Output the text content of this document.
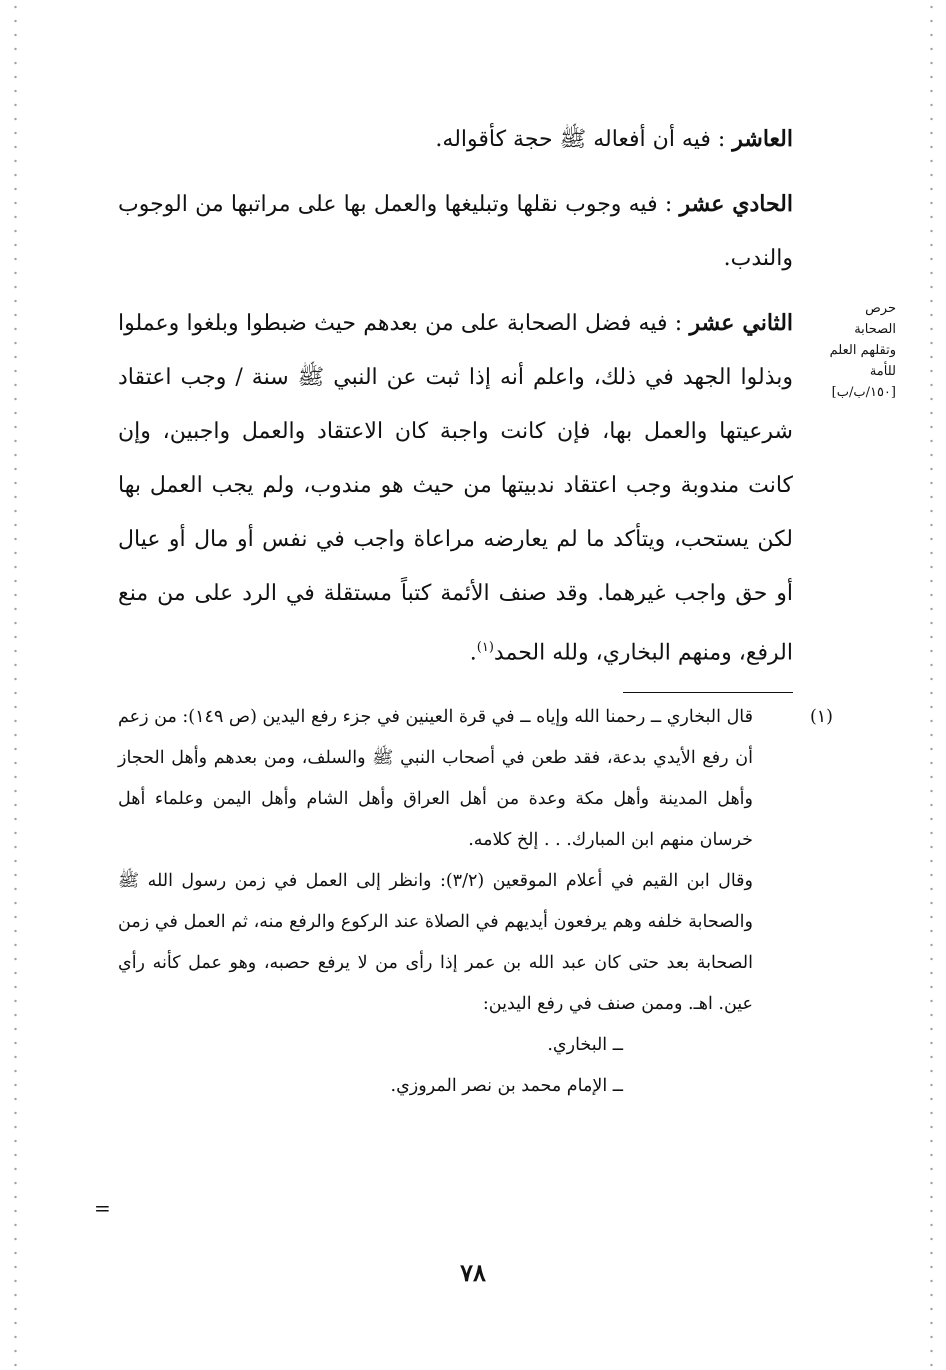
العاشر : فيه أن أفعاله ﷺ حجة كأقواله.

الحادي عشر : فيه وجوب نقلها وتبليغها والعمل بها على مراتبها من الوجوب والندب.

الثاني عشر : فيه فضل الصحابة على من بعدهم حيث ضبطوا وبلغوا وعملوا وبذلوا الجهد في ذلك، واعلم أنه إذا ثبت عن النبي ﷺ سنة / وجب اعتقاد شرعيتها والعمل بها، فإن كانت واجبة كان الاعتقاد والعمل واجبين، وإن كانت مندوبة وجب اعتقاد ندبيتها من حيث هو مندوب، ولم يجب العمل بها لكن يستحب، ويتأكد ما لم يعارضه مراعاة واجب في نفس أو مال أو عيال أو حق واجب غيرهما. وقد صنف الأئمة كتباً مستقلة في الرد على من منع الرفع، ومنهم البخاري، ولله الحمد$^{(١)}$.

(١)قال البخاري ــ رحمنا الله وإياه ــ في قرة العينين في جزء رفع اليدين (ص ١٤٩): من زعم أن رفع الأيدي بدعة، فقد طعن في أصحاب النبي ﷺ والسلف، ومن بعدهم وأهل الحجاز وأهل المدينة وأهل مكة وعدة من أهل العراق وأهل الشام وأهل اليمن وعلماء أهل خرسان منهم ابن المبارك. . . إلخ كلامه.
وقال ابن القيم في أعلام الموقعين (٣/٢): وانظر إلى العمل في زمن رسول الله ﷺ والصحابة خلفه وهم يرفعون أيديهم في الصلاة عند الركوع والرفع منه، ثم العمل في زمن الصحابة بعد حتى كان عبد الله بن عمر إذا رأى من لا يرفع حصبه، وهو عمل كأنه رأي عين. اهـ. وممن صنف في رفع اليدين:
ــ البخاري.
ــ الإمام محمد بن نصر المروزي.
حرص
الصحابة
وتقلهم العلم
للأمة
[١٥٠/ب/ب]
=
٧٨
